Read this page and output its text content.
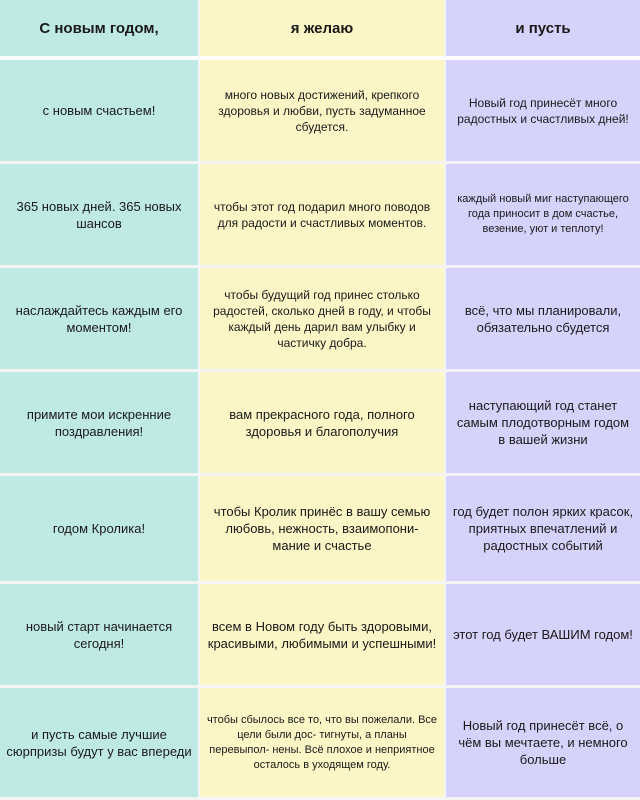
С новым годом,	я желаю	и пусть
с новым счастьем!
много новых достижений, крепкого здоровья и любви, пусть задуманное сбудется.
Новый год принесёт много радостных и счастливых дней!
365 новых дней. 365 новых шансов
чтобы этот год подарил много поводов для радости и счастливых моментов.
каждый новый миг наступающего года приносит в дом счастье, везение, уют и теплоту!
наслаждайтесь каждым его моментом!
чтобы будущий год принес столько радостей, сколько дней в году, и чтобы каждый день дарил вам улыбку и частичку добра.
всё, что мы планировали, обязательно сбудется
примите мои искренние поздравления!
вам прекрасного года, полного здоровья и благополучия
наступающий год станет самым плодотворным годом в вашей жизни
годом Кролика!
чтобы Кролик принёс в вашу семью любовь, нежность, взаимопони- мание и счастье
год будет полон ярких красок, приятных впечатлений и радостных событий
новый старт начинается сегодня!
всем в Новом году быть здоровыми, красивыми, любимыми и успешными!
этот год будет ВАШИМ годом!
и пусть самые лучшие сюрпризы будут у вас впереди
чтобы сбылось все то, что вы пожелали. Все цели были дос- тигнуты, а планы перевыпол- нены. Всё плохое и неприятное осталось в уходящем году.
Новый год принесёт всё, о чём вы мечтаете, и немного больше
